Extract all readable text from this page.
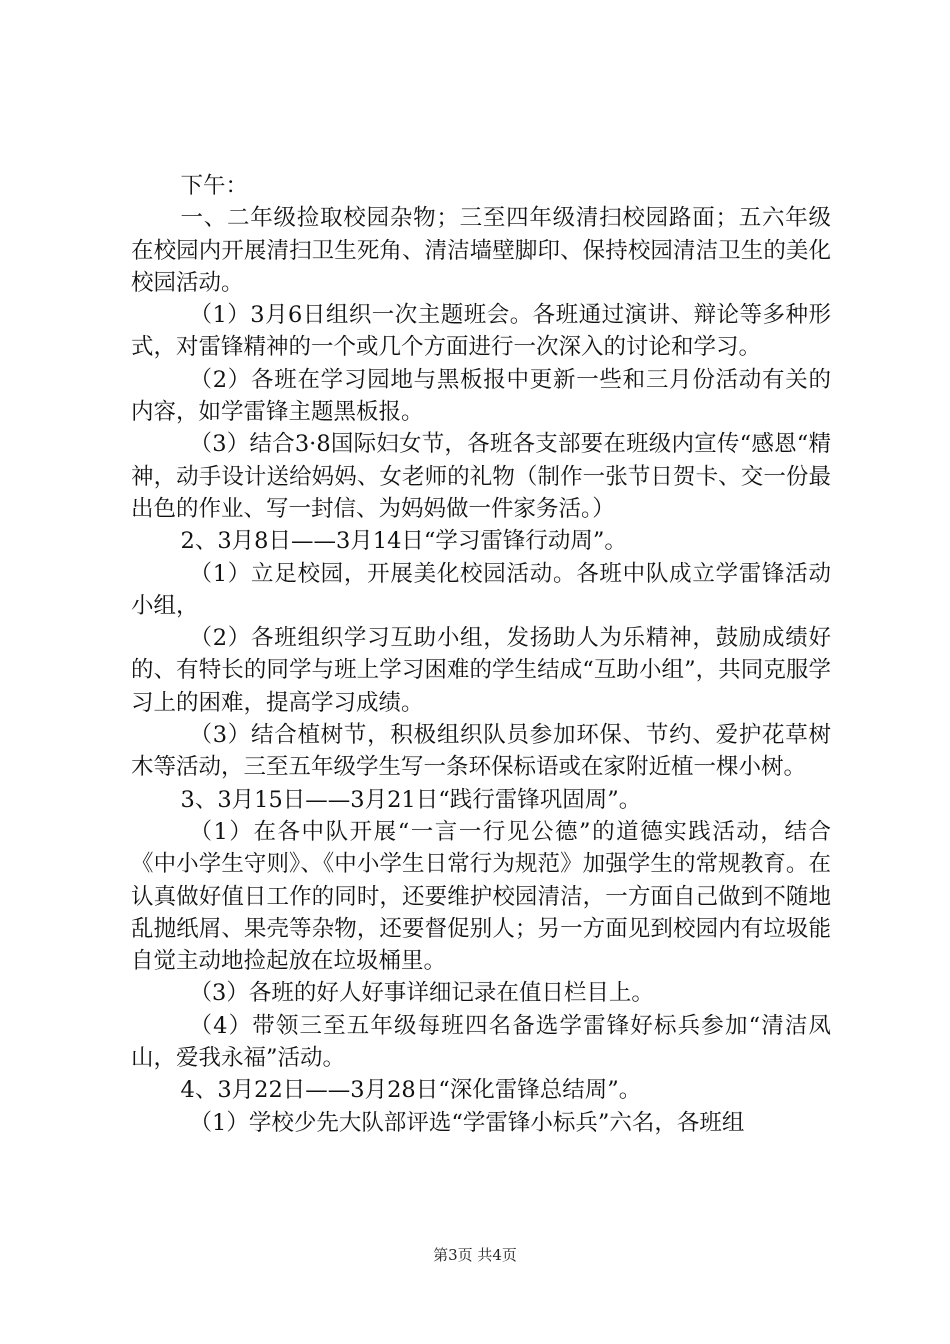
下午：

一、二年级捡取校园杂物；三至四年级清扫校园路面；五六年级在校园内开展清扫卫生死角、清洁墙壁脚印、保持校园清洁卫生的美化校园活动。

（1）3月6日组织一次主题班会。各班通过演讲、辩论等多种形式，对雷锋精神的一个或几个方面进行一次深入的讨论和学习。

（2）各班在学习园地与黑板报中更新一些和三月份活动有关的内容，如学雷锋主题黑板报。

（3）结合3·8国际妇女节，各班各支部要在班级内宣传“感恩“精神，动手设计送给妈妈、女老师的礼物（制作一张节日贺卡、交一份最出色的作业、写一封信、为妈妈做一件家务活。）

2、3月8日——3月14日“学习雷锋行动周”。

（1）立足校园，开展美化校园活动。各班中队成立学雷锋活动小组，

（2）各班组织学习互助小组，发扬助人为乐精神，鼓励成绩好的、有特长的同学与班上学习困难的学生结成“互助小组”，共同克服学习上的困难，提高学习成绩。

（3）结合植树节，积极组织队员参加环保、节约、爱护花草树木等活动，三至五年级学生写一条环保标语或在家附近植一棵小树。

3、3月15日——3月21日“践行雷锋巩固周”。

（1）在各中队开展“一言一行见公德”的道德实践活动，结合《中小学生守则》、《中小学生日常行为规范》加强学生的常规教育。在认真做好值日工作的同时，还要维护校园清洁，一方面自己做到不随地乱抛纸屑、果壳等杂物，还要督促别人；另一方面见到校园内有垃圾能自觉主动地捡起放在垃圾桶里。

（3）各班的好人好事详细记录在值日栏目上。

（4）带领三至五年级每班四名备选学雷锋好标兵参加“清洁凤山，爱我永福”活动。

4、3月22日——3月28日“深化雷锋总结周”。

（1）学校少先大队部评选“学雷锋小标兵”六名，各班组

第3页 共4页
